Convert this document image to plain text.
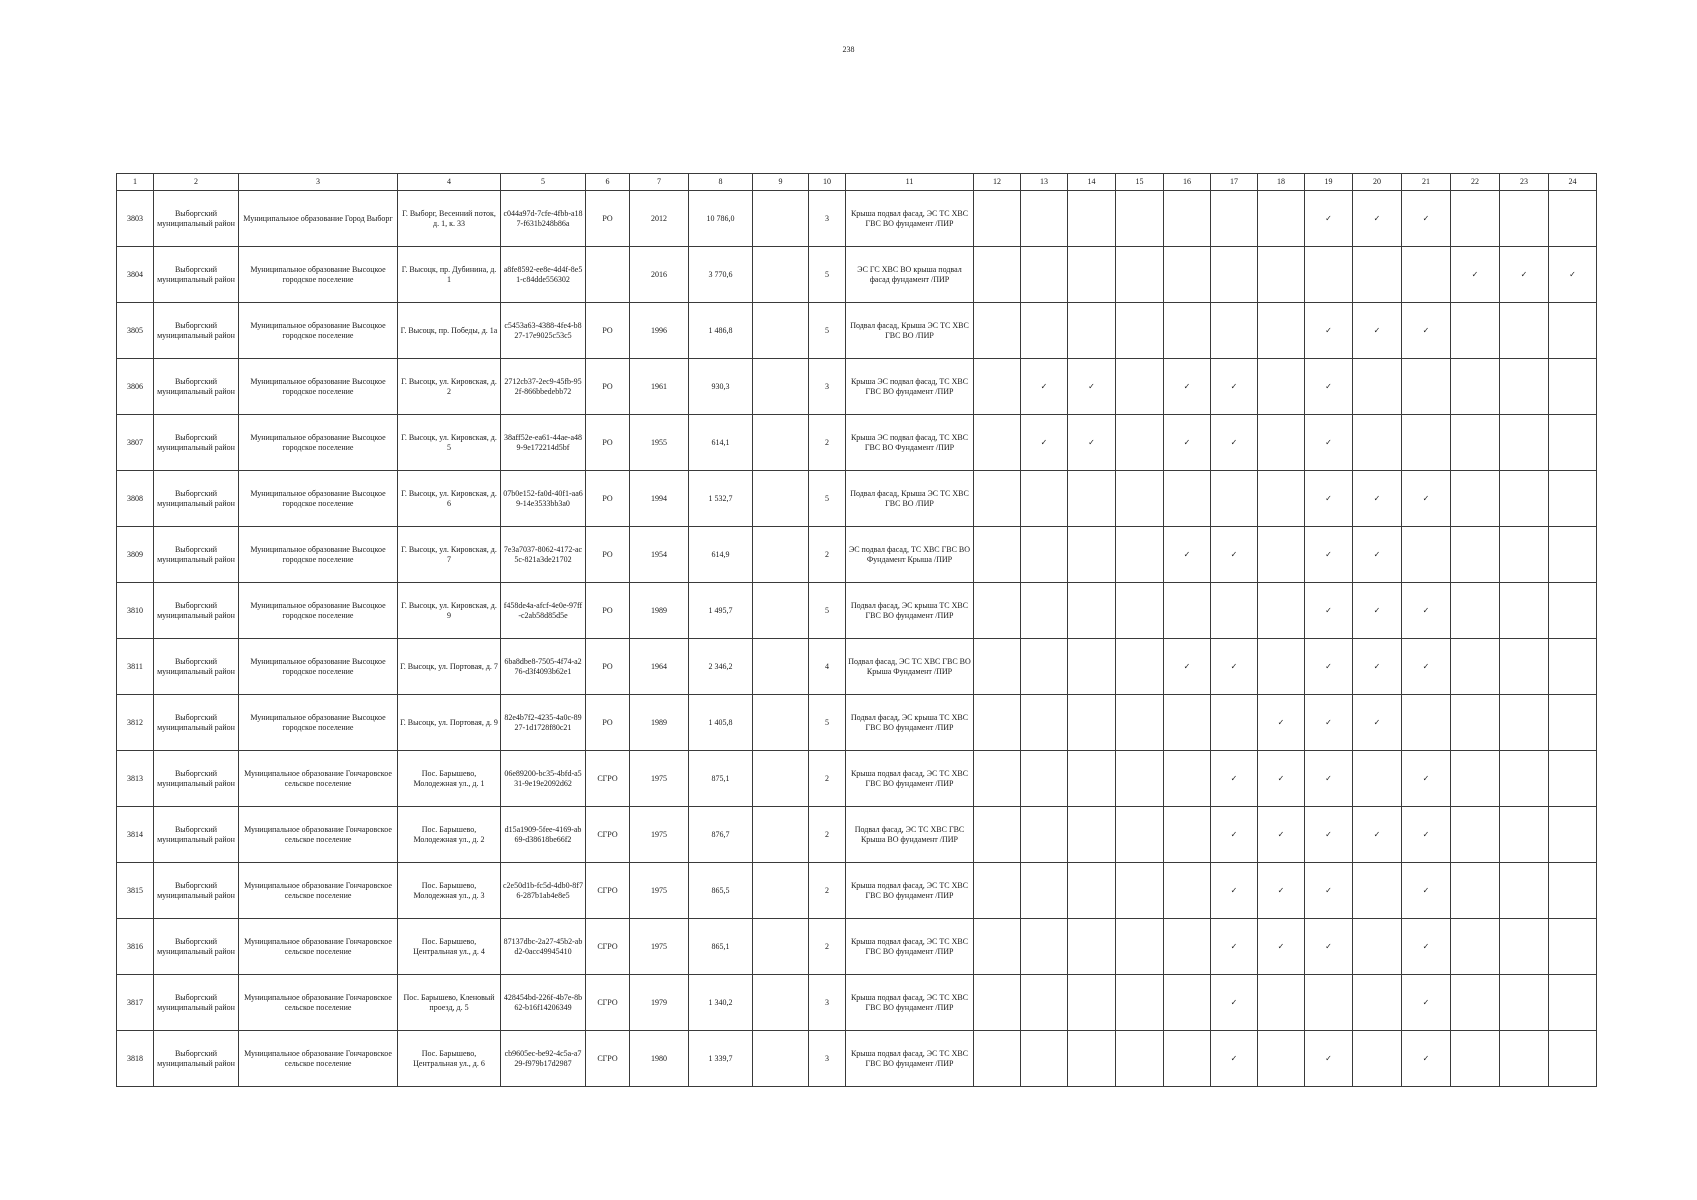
238
1	2	3	4	5	6	7	8	9	10	11	12	13	14	15	16	17	18	19	20	21	22	23	24
3803	Выборгский муниципальный район	Муниципальное образование Город Выборг	Г. Выборг, Весенний поток, д. 1, к. 33	c044a97d-7cfe-4fbb-a187-f631b248b86a	РО	2012	10 786,0		3	Крыша подвал фасад, ЭС ТС ХВС ГВС ВО фундамент /ПИР								✓	✓	✓			
3804	Выборгский муниципальный район	Муниципальное образование Высоцкое городское поселение	Г. Высоцк, пр. Дубинина, д. 1	a8fe8592-ee8e-4d4f-8e51-c84dde556302		2016	3 770,6		5	ЭС ГС ХВС ВО крыша подвал фасад фундамент /ПИР											✓	✓	✓
3805	Выборгский муниципальный район	Муниципальное образование Высоцкое городское поселение	Г. Высоцк, пр. Победы, д. 1а	c5453a63-4388-4fe4-b827-17e9025c53c5	РО	1996	1 486,8		5	Подвал фасад, Крыша ЭС ТС ХВС ГВС ВО /ПИР								✓	✓	✓			
3806	Выборгский муниципальный район	Муниципальное образование Высоцкое городское поселение	Г. Высоцк, ул. Кировская, д. 2	2712cb37-2ec9-45fb-952f-866bbedebb72	РО	1961	930,3		3	Крыша ЭС подвал фасад, ТС ХВС ГВС ВО фундамент /ПИР		✓	✓		✓	✓		✓					
3807	Выборгский муниципальный район	Муниципальное образование Высоцкое городское поселение	Г. Высоцк, ул. Кировская, д. 5	38aff52e-ea61-44ae-a489-9e172214d5bf	РО	1955	614,1		2	Крыша ЭС подвал фасад, ТС ХВС ГВС ВО Фундамент /ПИР		✓	✓		✓	✓		✓					
3808	Выборгский муниципальный район	Муниципальное образование Высоцкое городское поселение	Г. Высоцк, ул. Кировская, д. 6	07b0e152-fa0d-40f1-aa69-14e3533bb3a0	РО	1994	1 532,7		5	Подвал фасад, Крыша ЭС ТС ХВС ГВС ВО /ПИР								✓	✓	✓			
3809	Выборгский муниципальный район	Муниципальное образование Высоцкое городское поселение	Г. Высоцк, ул. Кировская, д. 7	7e3a7037-8062-4172-ac5c-821a3de21702	РО	1954	614,9		2	ЭС подвал фасад, ТС ХВС ГВС ВО Фундамент Крыша /ПИР					✓	✓		✓	✓				
3810	Выборгский муниципальный район	Муниципальное образование Высоцкое городское поселение	Г. Высоцк, ул. Кировская, д. 9	f458de4a-afcf-4e0e-97ff-c2ab58d85d5e	РО	1989	1 495,7		5	Подвал фасад, ЭС крыша ТС ХВС ГВС ВО фундамент /ПИР								✓	✓	✓			
3811	Выборгский муниципальный район	Муниципальное образование Высоцкое городское поселение	Г. Высоцк, ул. Портовая, д. 7	6ba8dbe8-7505-4f74-a276-d3f4093b62e1	РО	1964	2 346,2		4	Подвал фасад, ЭС ТС ХВС ГВС ВО Крыша Фундамент /ПИР					✓	✓		✓	✓	✓			
3812	Выборгский муниципальный район	Муниципальное образование Высоцкое городское поселение	Г. Высоцк, ул. Портовая, д. 9	82e4b7f2-4235-4a0c-8927-1d1728f80c21	РО	1989	1 405,8		5	Подвал фасад, ЭС крыша ТС ХВС ГВС ВО фундамент /ПИР							✓	✓	✓				
3813	Выборгский муниципальный район	Муниципальное образование Гончаровское сельское поселение	Пос. Барышево, Молодежная ул., д. 1	06e89200-bc35-4bfd-a531-9e19e2092d62	СГРО	1975	875,1		2	Крыша подвал фасад, ЭС ТС ХВС ГВС ВО фундамент /ПИР						✓	✓	✓		✓			
3814	Выборгский муниципальный район	Муниципальное образование Гончаровское сельское поселение	Пос. Барышево, Молодежная ул., д. 2	d15a1909-5fee-4169-ab69-d38618be66f2	СГРО	1975	876,7		2	Подвал фасад, ЭС ТС ХВС ГВС Крыша ВО фундамент /ПИР						✓	✓	✓	✓	✓			
3815	Выборгский муниципальный район	Муниципальное образование Гончаровское сельское поселение	Пос. Барышево, Молодежная ул., д. 3	c2e50d1b-fc5d-4db0-8f76-287b1ab4e8e5	СГРО	1975	865,5		2	Крыша подвал фасад, ЭС ТС ХВС ГВС ВО фундамент /ПИР						✓	✓	✓		✓			
3816	Выборгский муниципальный район	Муниципальное образование Гончаровское сельское поселение	Пос. Барышево, Центральная ул., д. 4	87137dbc-2a27-45b2-abd2-0acc49945410	СГРО	1975	865,1		2	Крыша подвал фасад, ЭС ТС ХВС ГВС ВО фундамент /ПИР						✓	✓	✓		✓			
3817	Выборгский муниципальный район	Муниципальное образование Гончаровское сельское поселение	Пос. Барышево, Кленовый проезд, д. 5	428454bd-226f-4b7e-8b62-b16f14206349	СГРО	1979	1 340,2		3	Крыша подвал фасад, ЭС ТС ХВС ГВС ВО фундамент /ПИР						✓				✓			
3818	Выборгский муниципальный район	Муниципальное образование Гончаровское сельское поселение	Пос. Барышево, Центральная ул., д. 6	cb9605ec-be92-4c5a-a729-f979b17d2987	СГРО	1980	1 339,7		3	Крыша подвал фасад, ЭС ТС ХВС ГВС ВО фундамент /ПИР						✓		✓		✓			
